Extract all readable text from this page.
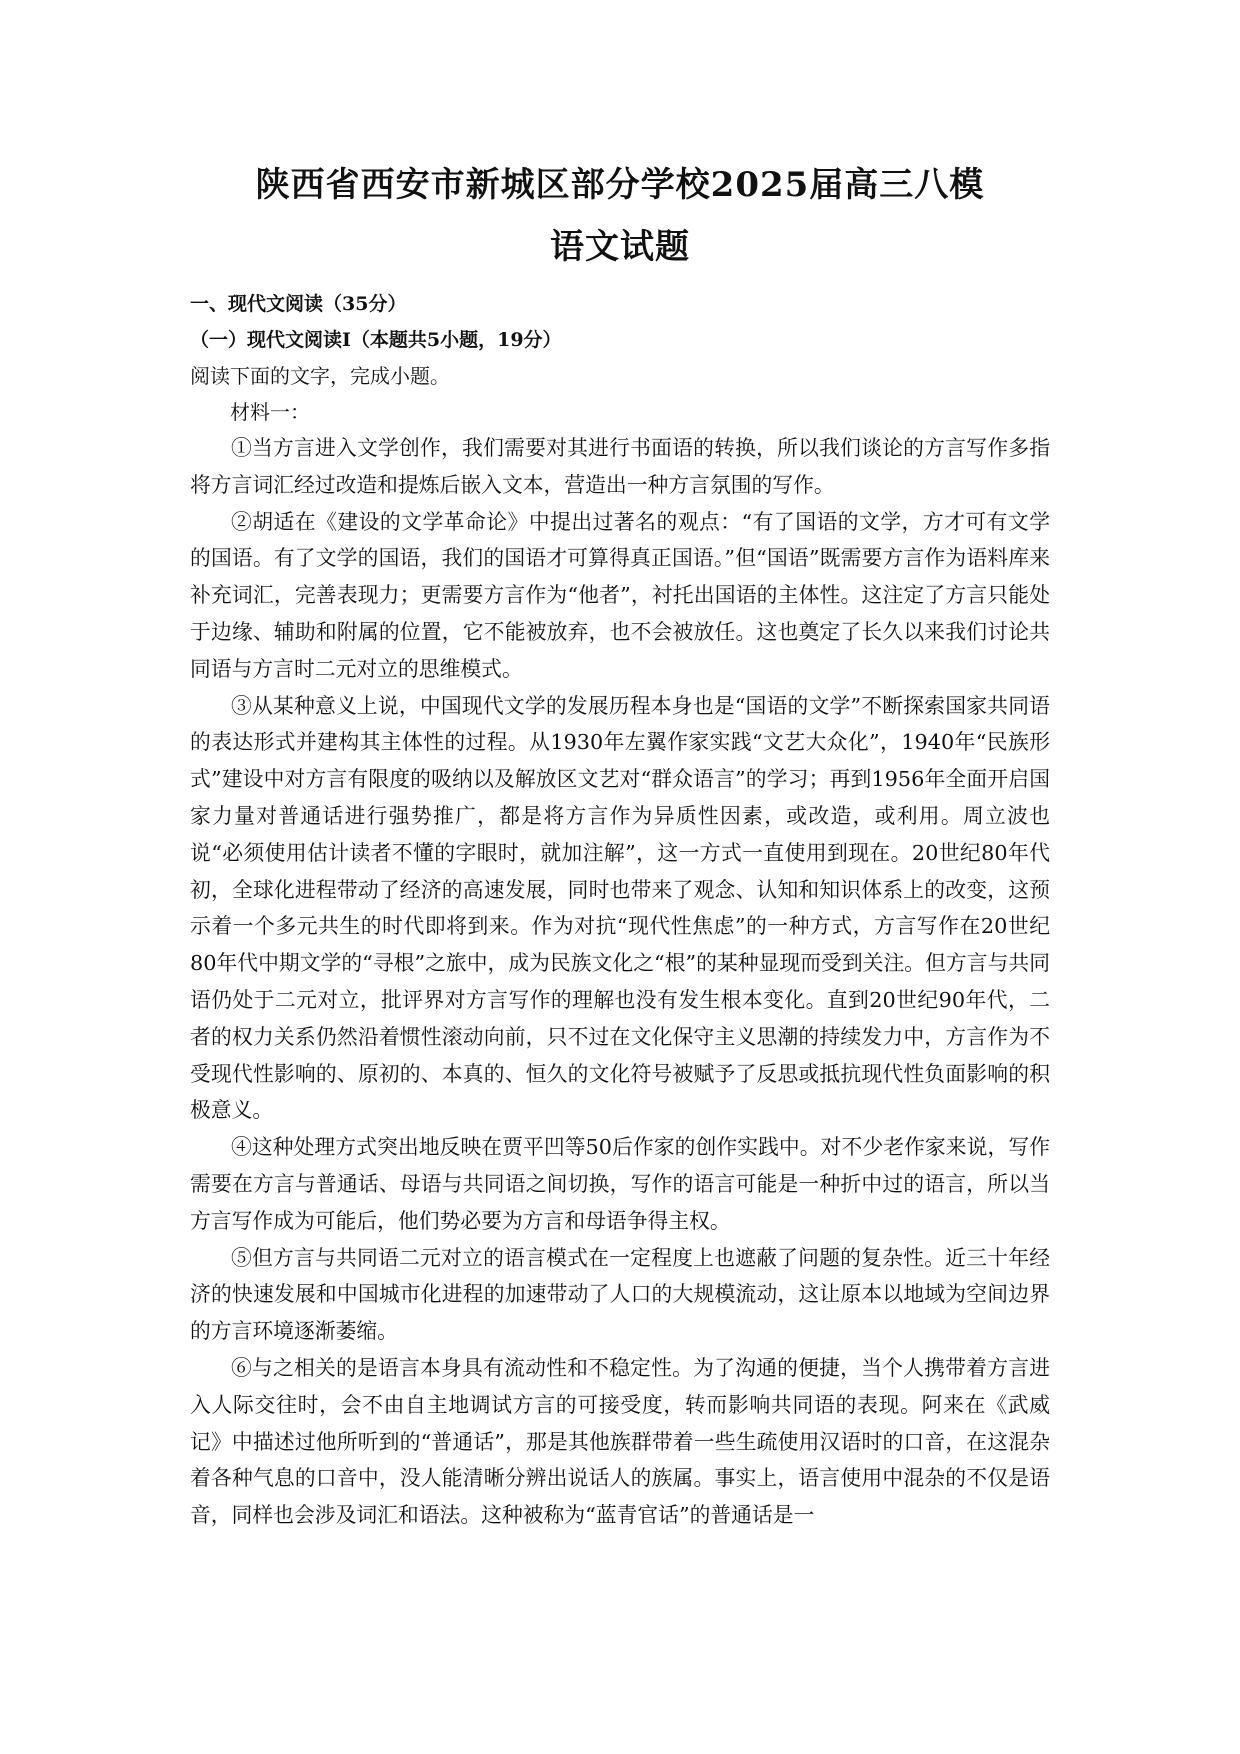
陕西省西安市新城区部分学校2025届高三八模
语文试题

一、现代文阅读（35分）

（一）现代文阅读Ⅰ（本题共5小题，19分）

阅读下面的文字，完成小题。

材料一：

①当方言进入文学创作，我们需要对其进行书面语的转换，所以我们谈论的方言写作多指将方言词汇经过改造和提炼后嵌入文本，营造出一种方言氛围的写作。

②胡适在《建设的文学革命论》中提出过著名的观点：“有了国语的文学，方才可有文学的国语。有了文学的国语，我们的国语才可算得真正国语。”但“国语”既需要方言作为语料库来补充词汇，完善表现力；更需要方言作为“他者”，衬托出国语的主体性。这注定了方言只能处于边缘、辅助和附属的位置，它不能被放弃，也不会被放任。这也奠定了长久以来我们讨论共同语与方言时二元对立的思维模式。

③从某种意义上说，中国现代文学的发展历程本身也是“国语的文学”不断探索国家共同语的表达形式并建构其主体性的过程。从1930年左翼作家实践“文艺大众化”，1940年“民族形式”建设中对方言有限度的吸纳以及解放区文艺对“群众语言”的学习；再到1956年全面开启国家力量对普通话进行强势推广，都是将方言作为异质性因素，或改造，或利用。周立波也说“必须使用估计读者不懂的字眼时，就加注解”，这一方式一直使用到现在。20世纪80年代初，全球化进程带动了经济的高速发展，同时也带来了观念、认知和知识体系上的改变，这预示着一个多元共生的时代即将到来。作为对抗“现代性焦虑”的一种方式，方言写作在20世纪80年代中期文学的“寻根”之旅中，成为民族文化之“根”的某种显现而受到关注。但方言与共同语仍处于二元对立，批评界对方言写作的理解也没有发生根本变化。直到20世纪90年代，二者的权力关系仍然沿着惯性滚动向前，只不过在文化保守主义思潮的持续发力中，方言作为不受现代性影响的、原初的、本真的、恒久的文化符号被赋予了反思或抵抗现代性负面影响的积极意义。

④这种处理方式突出地反映在贾平凹等50后作家的创作实践中。对不少老作家来说，写作需要在方言与普通话、母语与共同语之间切换，写作的语言可能是一种折中过的语言，所以当方言写作成为可能后，他们势必要为方言和母语争得主权。

⑤但方言与共同语二元对立的语言模式在一定程度上也遮蔽了问题的复杂性。近三十年经济的快速发展和中国城市化进程的加速带动了人口的大规模流动，这让原本以地域为空间边界的方言环境逐渐萎缩。

⑥与之相关的是语言本身具有流动性和不稳定性。为了沟通的便捷，当个人携带着方言进入人际交往时，会不由自主地调试方言的可接受度，转而影响共同语的表现。阿来在《武威记》中描述过他所听到的“普通话”，那是其他族群带着一些生疏使用汉语时的口音，在这混杂着各种气息的口音中，没人能清晰分辨出说话人的族属。事实上，语言使用中混杂的不仅是语音，同样也会涉及词汇和语法。这种被称为“蓝青官话”的普通话是一
